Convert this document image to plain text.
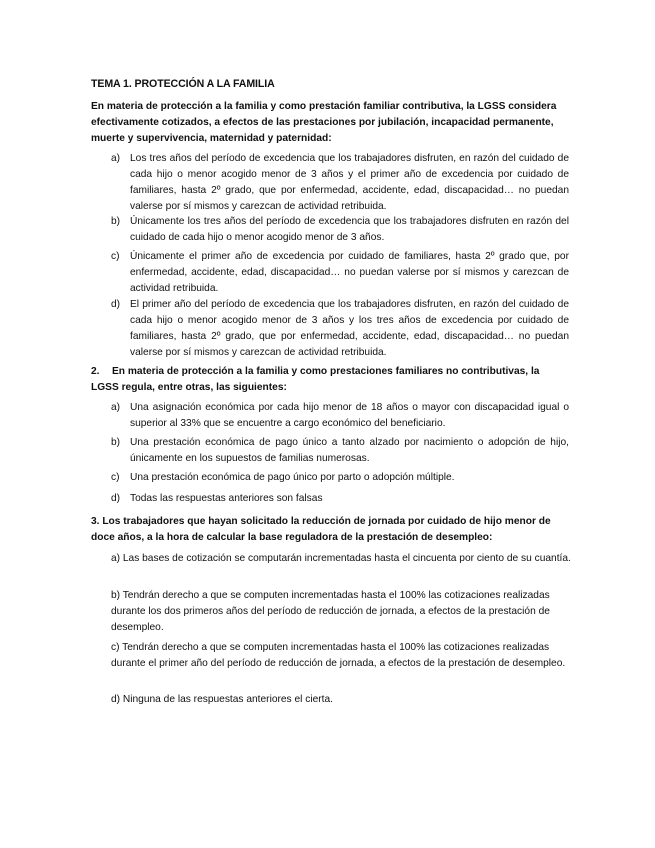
TEMA 1. PROTECCIÓN A LA FAMILIA
En materia de protección a la familia y como prestación familiar contributiva, la LGSS considera efectivamente cotizados, a efectos de las prestaciones por jubilación, incapacidad permanente, muerte y supervivencia, maternidad y paternidad:
a) Los tres años del período de excedencia que los trabajadores disfruten, en razón del cuidado de cada hijo o menor acogido menor de 3 años y el primer año de excedencia por cuidado de familiares, hasta 2º grado, que por enfermedad, accidente, edad, discapacidad… no puedan valerse por sí mismos y carezcan de actividad retribuida.
b) Únicamente los tres años del período de excedencia que los trabajadores disfruten en razón del cuidado de cada hijo o menor acogido menor de 3 años.
c) Únicamente el primer año de excedencia por cuidado de familiares, hasta 2º grado que, por enfermedad, accidente, edad, discapacidad… no puedan valerse por sí mismos y carezcan de actividad retribuida.
d) El primer año del período de excedencia que los trabajadores disfruten, en razón del cuidado de cada hijo o menor acogido menor de 3 años y los tres años de excedencia por cuidado de familiares, hasta 2º grado, que por enfermedad, accidente, edad, discapacidad… no puedan valerse por sí mismos y carezcan de actividad retribuida.
2. En materia de protección a la familia y como prestaciones familiares no contributivas, la LGSS regula, entre otras, las siguientes:
a) Una asignación económica por cada hijo menor de 18 años o mayor con discapacidad igual o superior al 33% que se encuentre a cargo económico del beneficiario.
b) Una prestación económica de pago único a tanto alzado por nacimiento o adopción de hijo, únicamente en los supuestos de familias numerosas.
c) Una prestación económica de pago único por parto o adopción múltiple.
d) Todas las respuestas anteriores son falsas
3. Los trabajadores que hayan solicitado la reducción de jornada por cuidado de hijo menor de doce años, a la hora de calcular la base reguladora de la prestación de desempleo:
a) Las bases de cotización se computarán incrementadas hasta el cincuenta por ciento de su cuantía.
b) Tendrán derecho a que se computen incrementadas hasta el 100% las cotizaciones realizadas durante los dos primeros años del período de reducción de jornada, a efectos de la prestación de desempleo.
c) Tendrán derecho a que se computen incrementadas hasta el 100% las cotizaciones realizadas durante el primer año del período de reducción de jornada, a efectos de la prestación de desempleo.
d) Ninguna de las respuestas anteriores el cierta.
